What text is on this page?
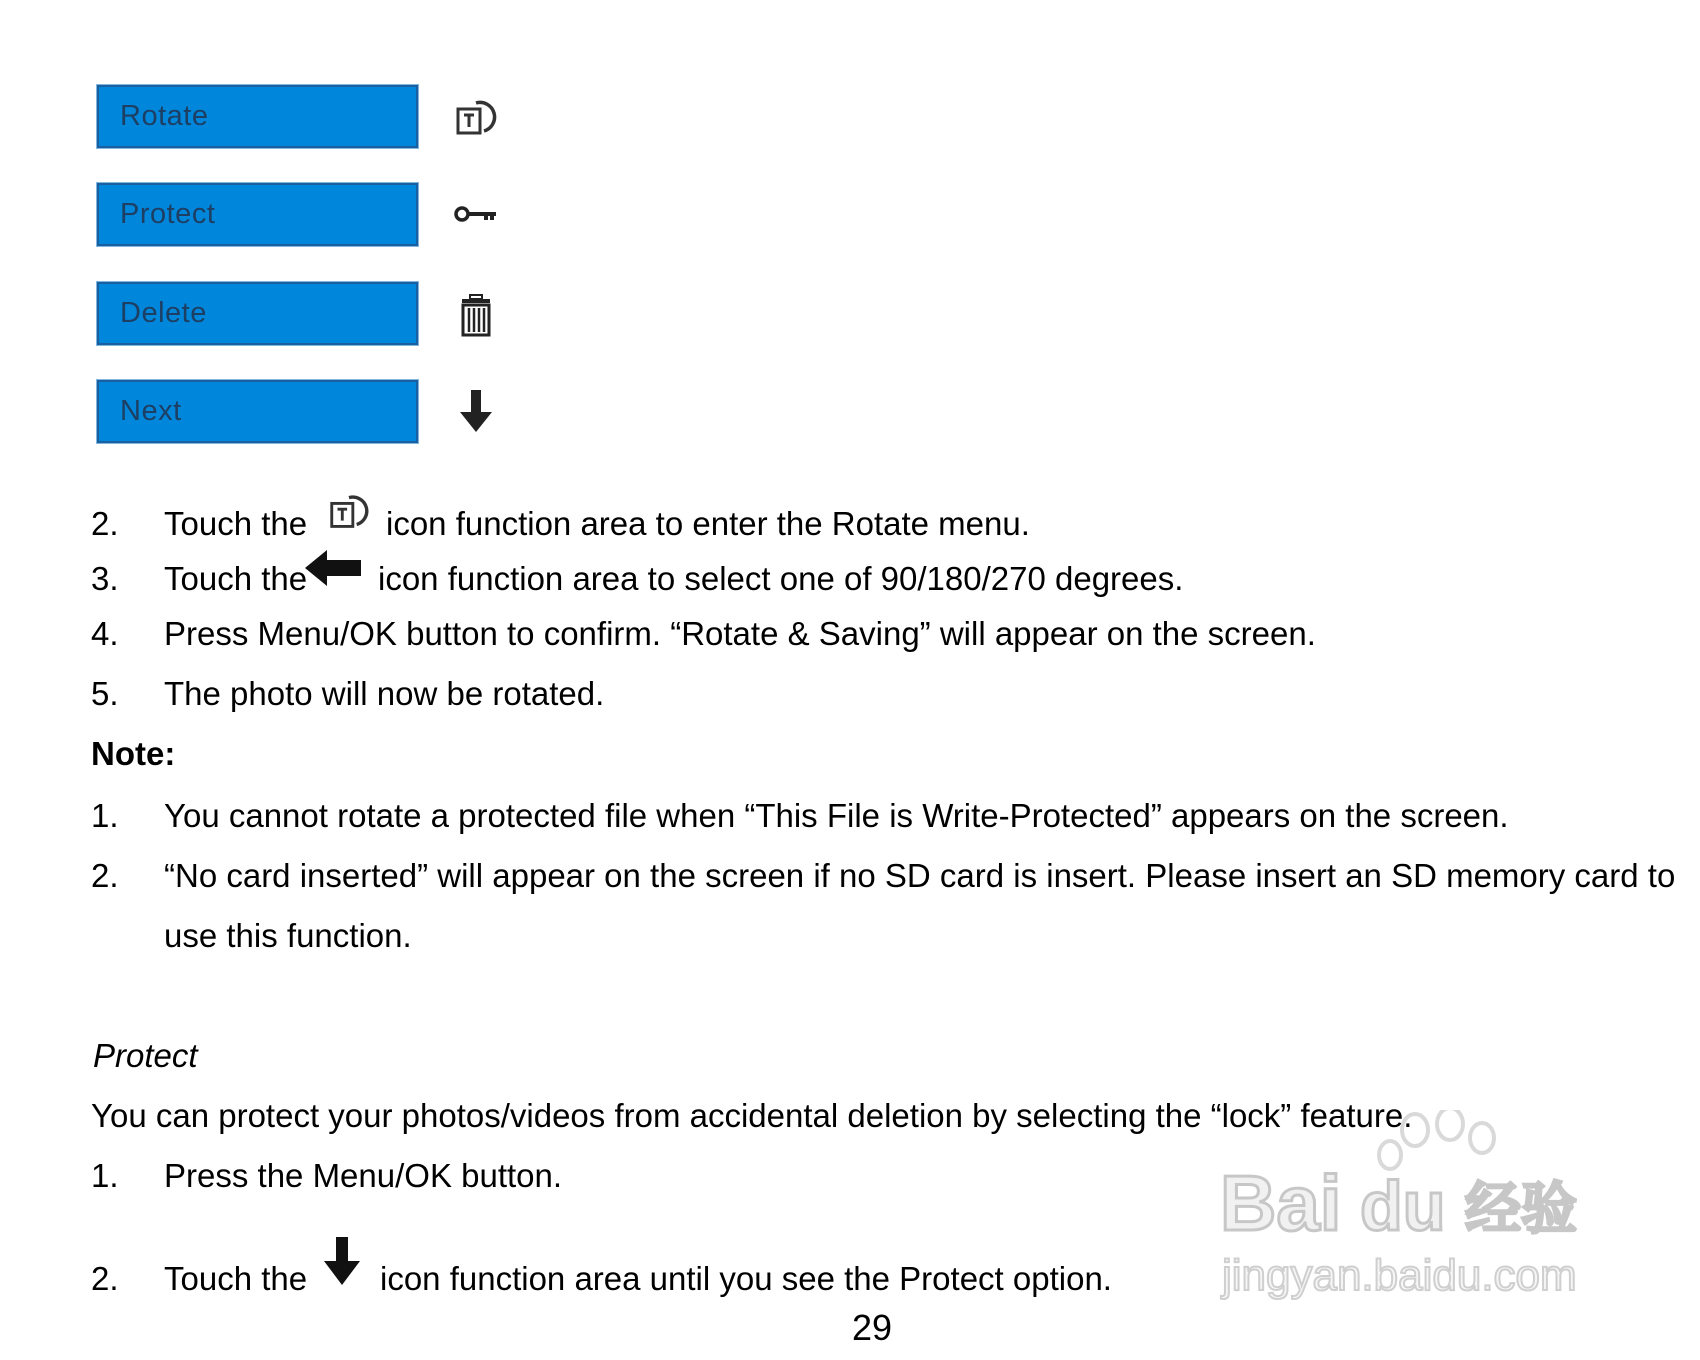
Rotate
Protect
Delete
Next
2. Touch the icon function area to enter the Rotate menu.
3. Touch the icon function area to select one of 90/180/270 degrees.
4. Press Menu/OK button to confirm. “Rotate & Saving” will appear on the screen.
5. The photo will now be rotated.
Note:
1. You cannot rotate a protected file when “This File is Write-Protected” appears on the screen.
2. “No card inserted” will appear on the screen if no SD card is insert. Please insert an SD memory card to
use this function.
Protect
You can protect your photos/videos from accidental deletion by selecting the “lock” feature.
1. Press the Menu/OK button.
2. Touch the icon function area until you see the Protect option.
29
Bai du 经验
jingyan.baidu.com
